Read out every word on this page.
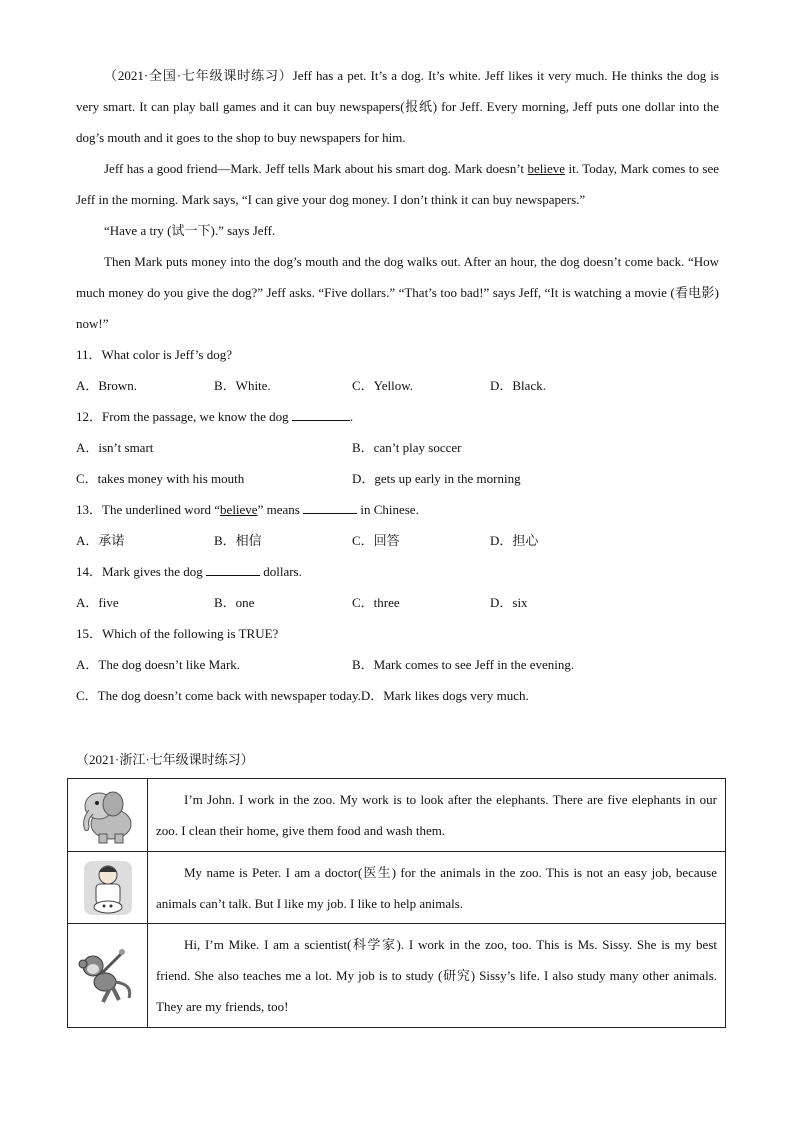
（2021·全国·七年级课时练习）Jeff has a pet. It’s a dog. It’s white. Jeff likes it very much. He thinks the dog is very smart. It can play ball games and it can buy newspapers(报纸) for Jeff. Every morning, Jeff puts one dollar into the dog’s mouth and it goes to the shop to buy newspapers for him.

Jeff has a good friend—Mark. Jeff tells Mark about his smart dog. Mark doesn’t believe it. Today, Mark comes to see Jeff in the morning. Mark says, “I can give your dog money. I don’t think it can buy newspapers.”

“Have a try (试一下).” says Jeff.

Then Mark puts money into the dog’s mouth and the dog walks out. After an hour, the dog doesn’t come back. “How much money do you give the dog?” Jeff asks. “Five dollars.” “That’s too bad!” says Jeff, “It is watching a movie (看电影) now!”

11．What color is Jeff’s dog?

A．Brown.	B．White.	C．Yellow.	D．Black.

12．From the passage, we know the dog	.

A．isn’t smart	B．can’t play soccer
C．takes money with his mouth	D．gets up early in the morning

13．The underlined word “believe” means	in Chinese.

A．承诺	B．相信	C．回答	D．担心

14．Mark gives the dog	dollars.

A．five	B．one	C．three	D．six

15．Which of the following is TRUE?

A．The dog doesn’t like Mark.	B．Mark comes to see Jeff in the evening.
C．The dog doesn’t come back with newspaper today. D．Mark likes dogs very much.
（2021·浙江·七年级课时练习）

I’m John. I work in the zoo. My work is to look after the elephants. There are five elephants in our zoo. I clean their home, give them food and wash them.

My name is Peter. I am a doctor(医生) for the animals in the zoo. This is not an easy job, because animals can’t talk. But I like my job. I like to help animals.

Hi, I’m Mike. I am a scientist(科学家). I work in the zoo, too. This is Ms. Sissy. She is my best friend. She also teaches me a lot. My job is to study (研究) Sissy’s life. I also study many other animals. They are my friends, too!
